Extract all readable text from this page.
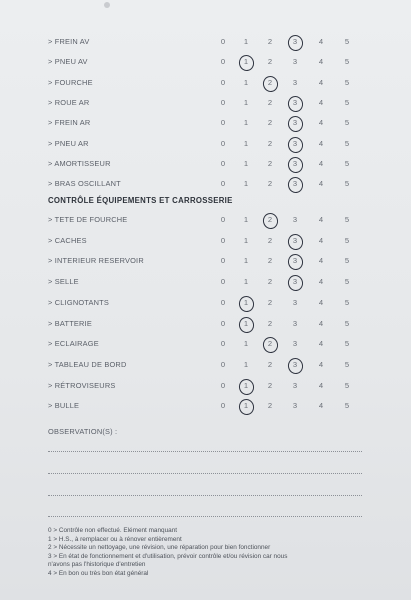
> FREIN AV	0	1	2	3	4	5
> PNEU AV	0	1	2	3	4	5
> FOURCHE	0	1	2	3	4	5
> ROUE AR	0	1	2	3	4	5
> FREIN AR	0	1	2	3	4	5
> PNEU AR	0	1	2	3	4	5
> AMORTISSEUR	0	1	2	3	4	5
> BRAS OSCILLANT	0	1	2	3	4	5
CONTRÔLE ÉQUIPEMENTS ET CARROSSERIE
> TETE DE FOURCHE	0	1	2	3	4	5
> CACHES	0	1	2	3	4	5
> INTERIEUR RESERVOIR	0	1	2	3	4	5
> SELLE	0	1	2	3	4	5
> CLIGNOTANTS	0	1	2	3	4	5
> BATTERIE	0	1	2	3	4	5
> ECLAIRAGE	0	1	2	3	4	5
> TABLEAU DE BORD	0	1	2	3	4	5
> RÉTROVISEURS	0	1	2	3	4	5
> BULLE	0	1	2	3	4	5
OBSERVATION(S) :
0 > Contrôle non effectué. Elément manquant
1 > H.S., à remplacer ou à rénover entièrement
2 > Nécessite un nettoyage, une révision, une réparation pour bien fonctionner
3 > En état de fonctionnement et d'utilisation, prévoir contrôle et/ou révision car nous
n'avons pas l'historique d'entretien
4 > En bon ou très bon état général
